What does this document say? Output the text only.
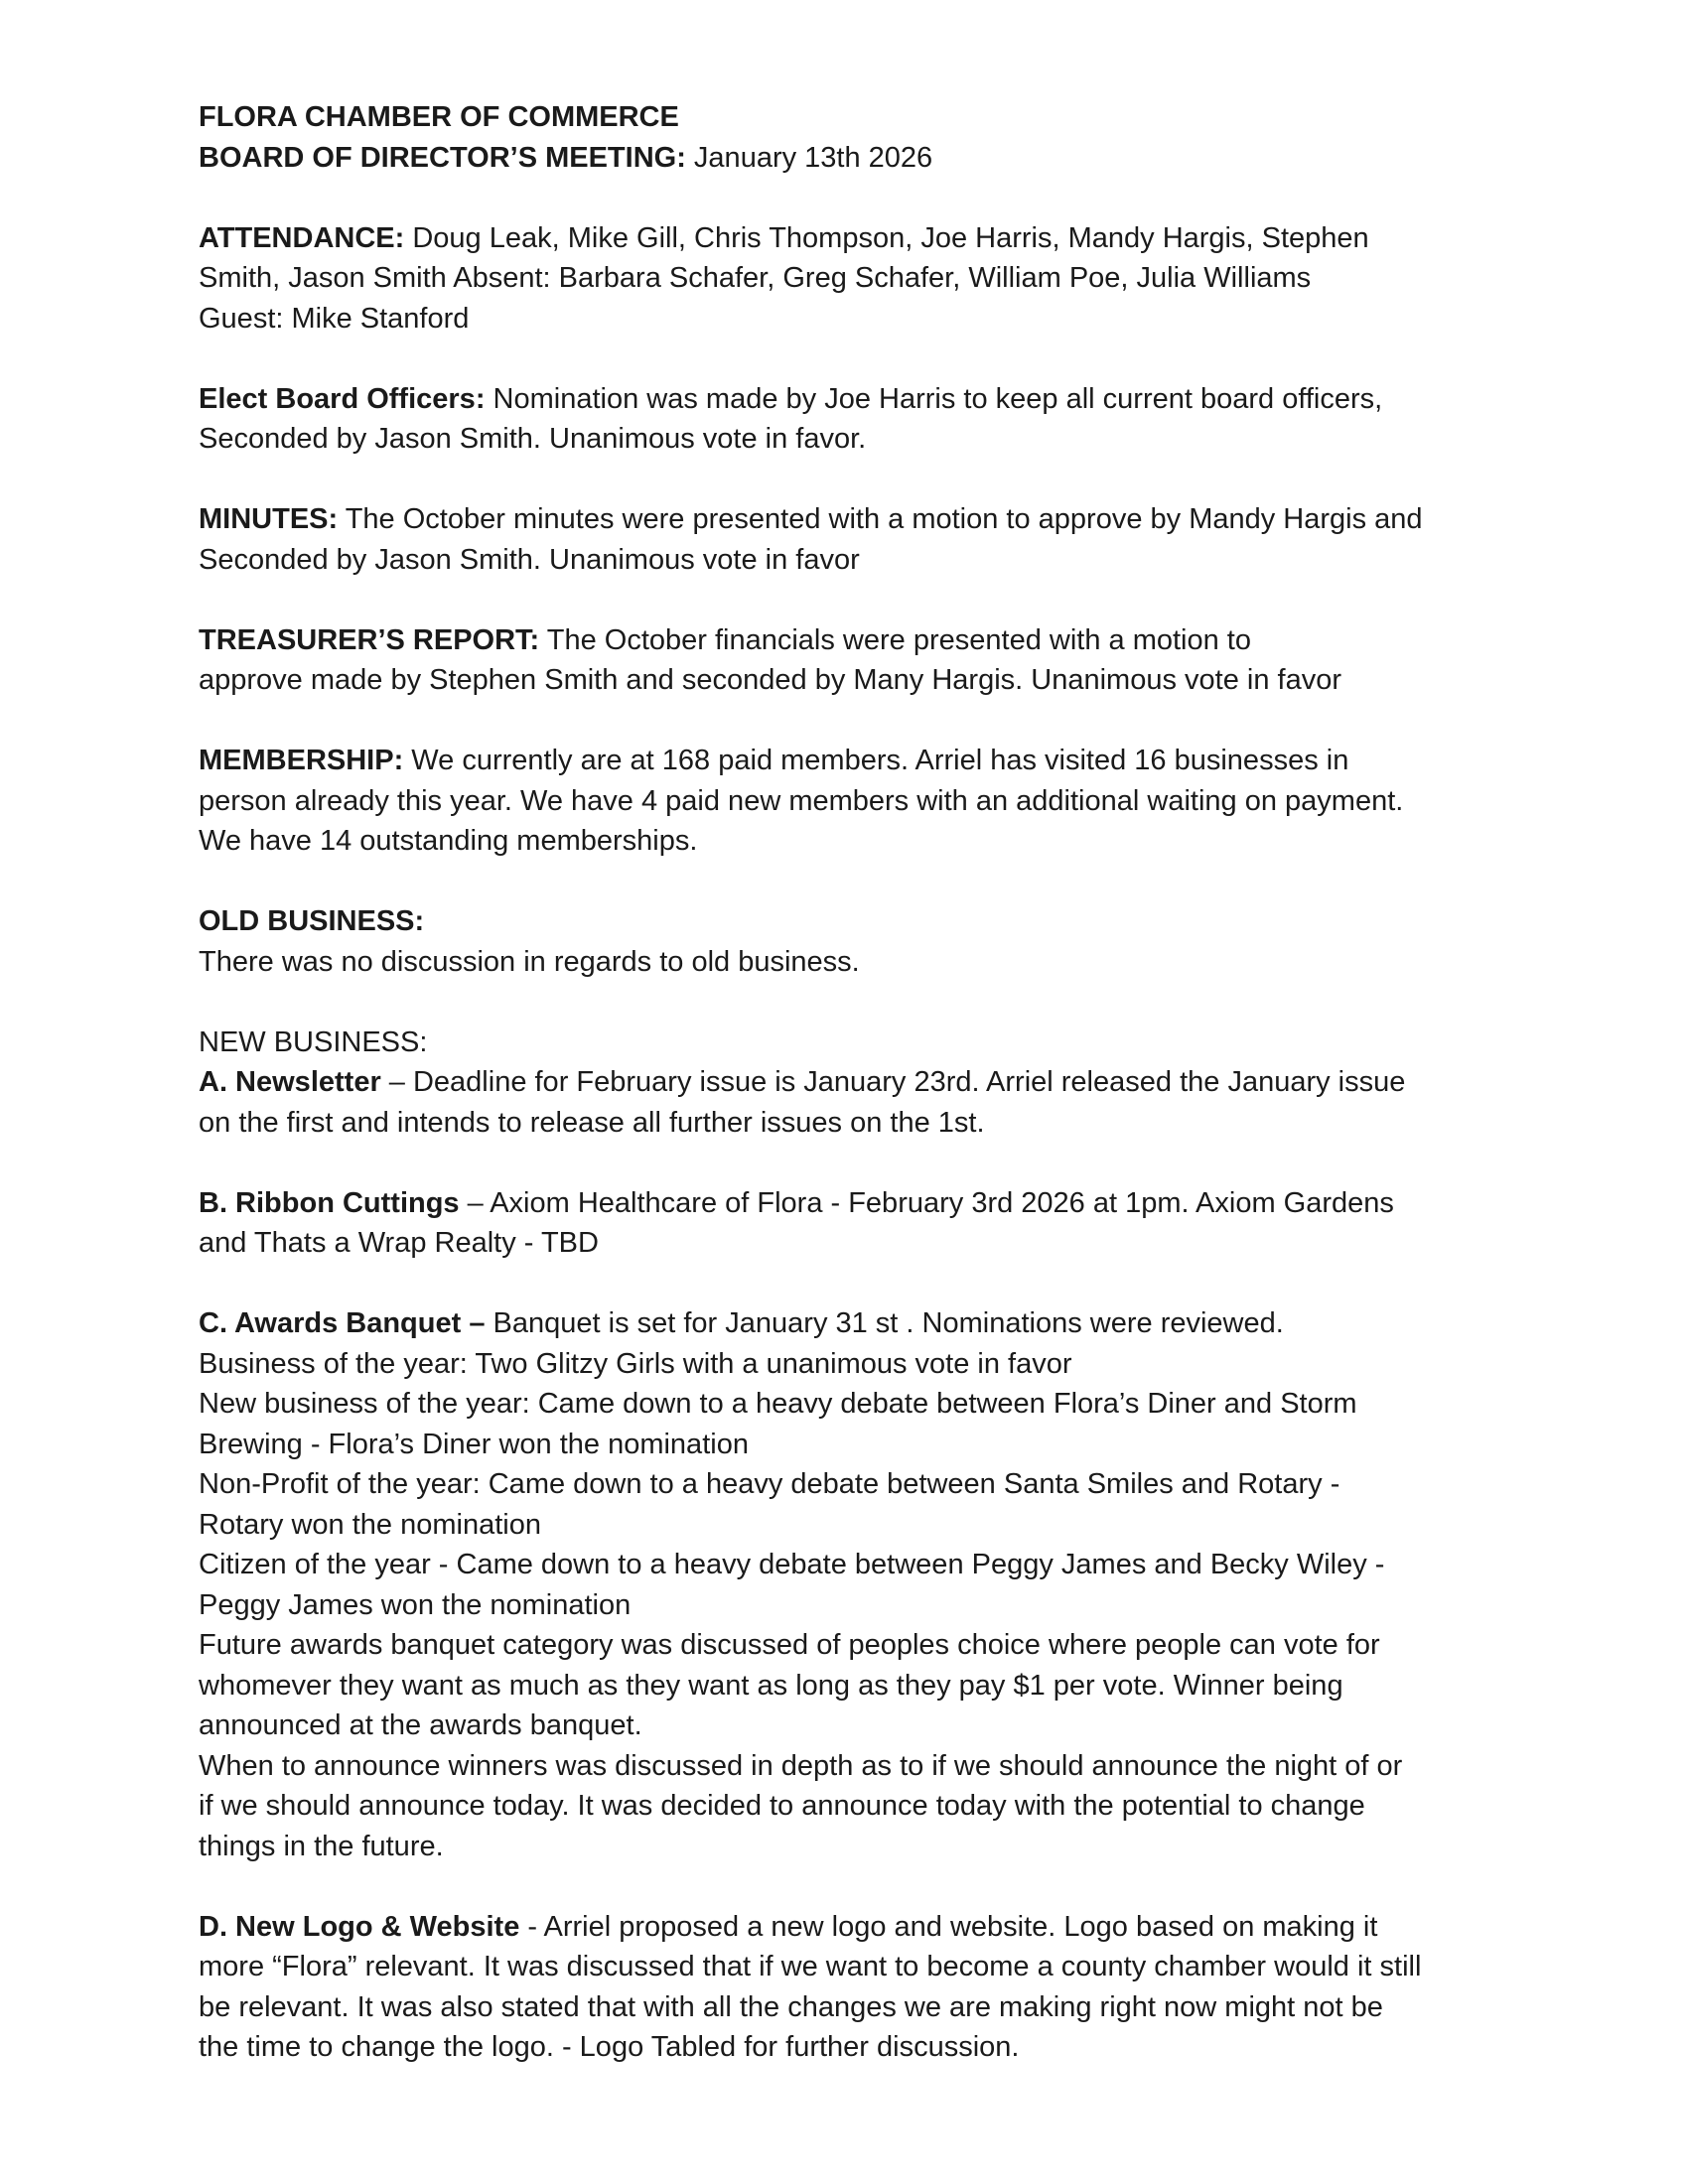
FLORA CHAMBER OF COMMERCE
BOARD OF DIRECTOR’S MEETING: January 13th 2026
ATTENDANCE: Doug Leak, Mike Gill, Chris Thompson, Joe Harris, Mandy Hargis, Stephen
Smith, Jason Smith Absent: Barbara Schafer, Greg Schafer, William Poe, Julia Williams
Guest: Mike Stanford
Elect Board Officers: Nomination was made by Joe Harris to keep all current board officers,
Seconded by Jason Smith. Unanimous vote in favor.
MINUTES: The October minutes were presented with a motion to approve by Mandy Hargis and
Seconded by Jason Smith. Unanimous vote in favor
TREASURER’S REPORT: The October financials were presented with a motion to
approve made by Stephen Smith and seconded by Many Hargis. Unanimous vote in favor
MEMBERSHIP: We currently are at 168 paid members. Arriel has visited 16 businesses in
person already this year. We have 4 paid new members with an additional waiting on payment.
We have 14 outstanding memberships.
OLD BUSINESS:
There was no discussion in regards to old business.
NEW BUSINESS:
A. Newsletter – Deadline for February issue is January 23rd. Arriel released the January issue
on the first and intends to release all further issues on the 1st.
B. Ribbon Cuttings – Axiom Healthcare of Flora - February 3rd 2026 at 1pm. Axiom Gardens
and Thats a Wrap Realty - TBD
C. Awards Banquet – Banquet is set for January 31 st . Nominations were reviewed.
Business of the year: Two Glitzy Girls with a unanimous vote in favor
New business of the year: Came down to a heavy debate between Flora’s Diner and Storm
Brewing - Flora’s Diner won the nomination
Non-Profit of the year: Came down to a heavy debate between Santa Smiles and Rotary -
Rotary won the nomination
Citizen of the year - Came down to a heavy debate between Peggy James and Becky Wiley -
Peggy James won the nomination
Future awards banquet category was discussed of peoples choice where people can vote for
whomever they want as much as they want as long as they pay $1 per vote. Winner being
announced at the awards banquet.
When to announce winners was discussed in depth as to if we should announce the night of or
if we should announce today. It was decided to announce today with the potential to change
things in the future.
D. New Logo & Website - Arriel proposed a new logo and website. Logo based on making it
more “Flora” relevant. It was discussed that if we want to become a county chamber would it still
be relevant. It was also stated that with all the changes we are making right now might not be
the time to change the logo. - Logo Tabled for further discussion.
